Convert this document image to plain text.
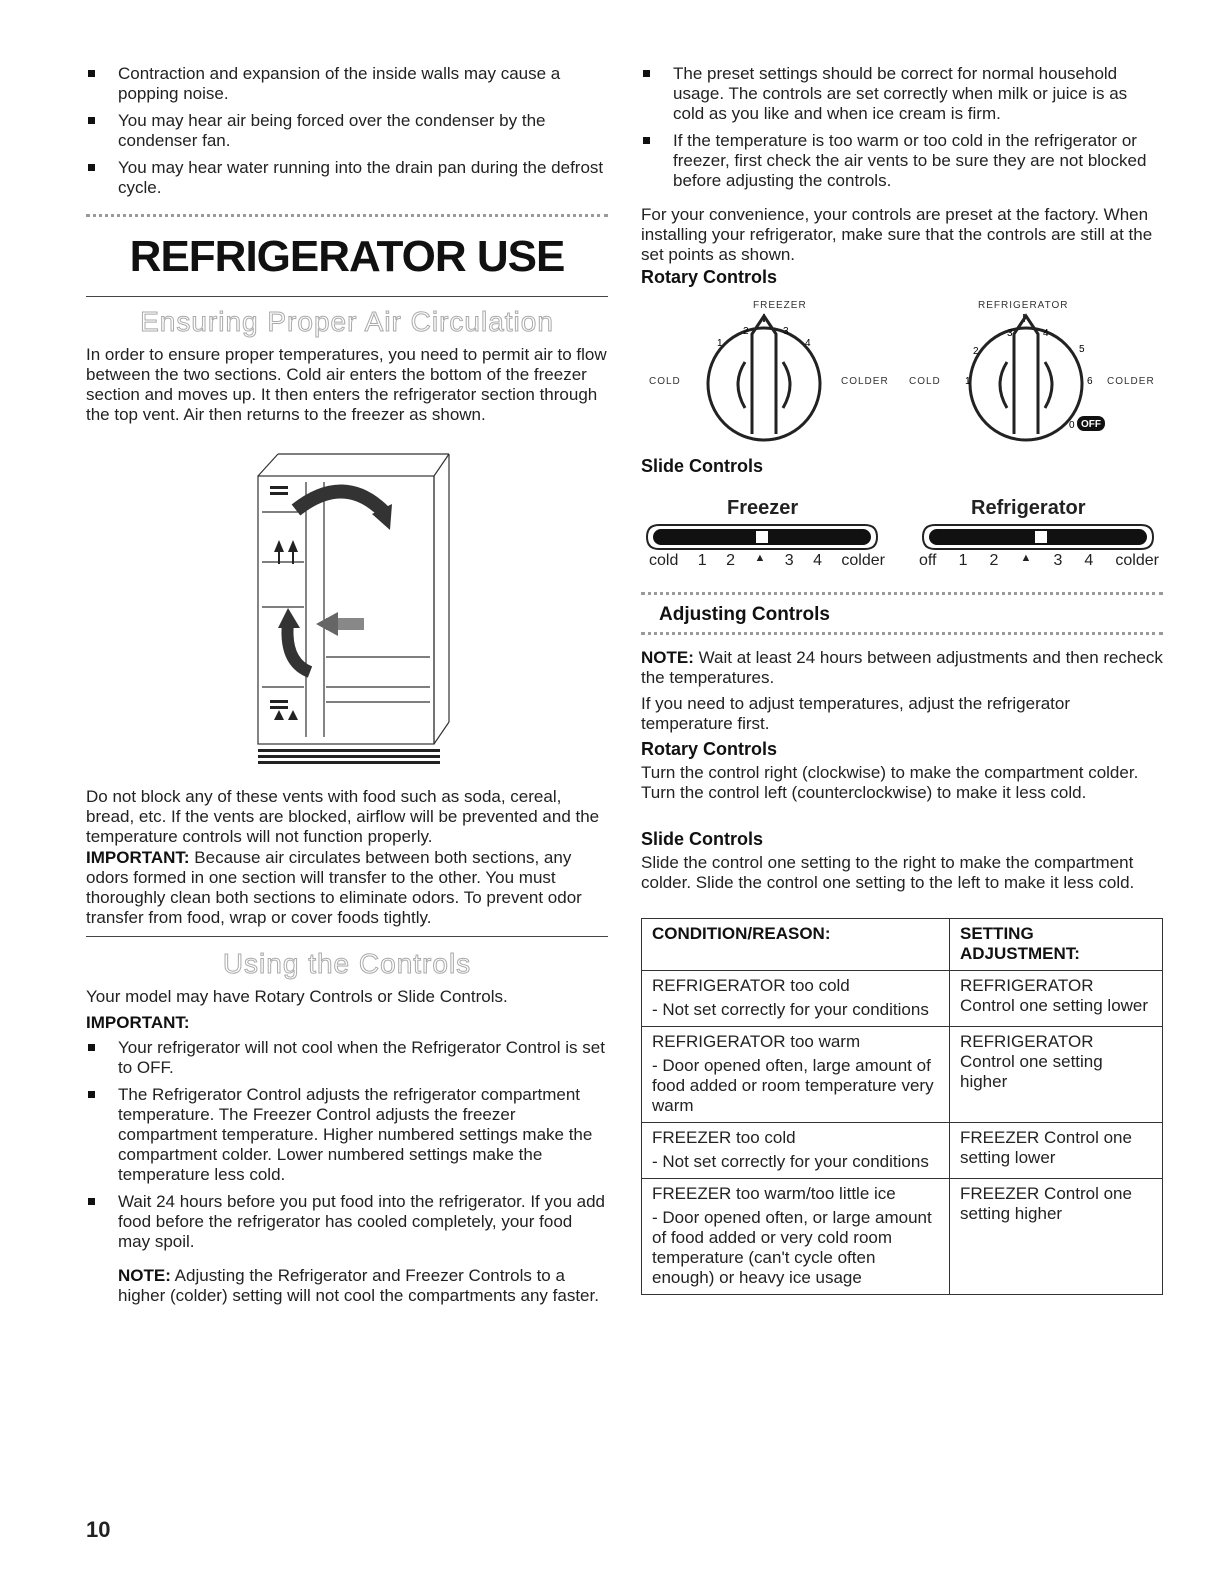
Contraction and expansion of the inside walls may cause a popping noise.
You may hear air being forced over the condenser by the condenser fan.
You may hear water running into the drain pan during the defrost cycle.
REFRIGERATOR USE
Ensuring Proper Air Circulation

In order to ensure proper temperatures, you need to permit air to flow between the two sections. Cold air enters the bottom of the freezer section and moves up. It then enters the refrigerator section through the top vent. Air then returns to the freezer as shown.

Do not block any of these vents with food such as soda, cereal, bread, etc. If the vents are blocked, airflow will be prevented and the temperature controls will not function properly.

IMPORTANT: Because air circulates between both sections, any odors formed in one section will transfer to the other. You must thoroughly clean both sections to eliminate odors. To prevent odor transfer from food, wrap or cover foods tightly.

Using the Controls

Your model may have Rotary Controls or Slide Controls.

IMPORTANT:

Your refrigerator will not cool when the Refrigerator Control is set to OFF.
The Refrigerator Control adjusts the refrigerator compartment temperature. The Freezer Control adjusts the freezer compartment temperature. Higher numbered settings make the compartment colder. Lower numbered settings make the temperature less cold.
Wait 24 hours before you put food into the refrigerator. If you add food before the refrigerator has cooled completely, your food may spoil.

NOTE: Adjusting the Refrigerator and Freezer Controls to a higher (colder) setting will not cool the compartments any faster.

The preset settings should be correct for normal household usage. The controls are set correctly when milk or juice is as cold as you like and when ice cream is firm.
If the temperature is too warm or too cold in the refrigerator or freezer, first check the air vents to be sure they are not blocked before adjusting the controls.

For your convenience, your controls are preset at the factory. When installing your refrigerator, make sure that the controls are still at the set points as shown.

Rotary Controls
FREEZER	REFRIGERATOR
COLD	COLDER COLD	COLDER
1
2	3
4
1
2
3	4
5
6
0 OFF
Slide Controls
Freezer	Refrigerator
cold 1 2 ▲ 3 4 colder off 1 2 ▲ 3 4 colder
Adjusting Controls

NOTE: Wait at least 24 hours between adjustments and then recheck the temperatures.

If you need to adjust temperatures, adjust the refrigerator temperature first.

Rotary Controls

Turn the control right (clockwise) to make the compartment colder. Turn the control left (counterclockwise) to make it less cold.

Slide Controls

Slide the control one setting to the right to make the compartment colder. Slide the control one setting to the left to make it less cold.

CONDITION/REASON:	SETTING ADJUSTMENT:

REFRIGERATOR too cold
- Not set correctly for your conditions	REFRIGERATOR Control one setting lower

REFRIGERATOR too warm
- Door opened often, large amount of food added or room temperature very warm	REFRIGERATOR Control one setting higher

FREEZER too cold
- Not set correctly for your conditions	FREEZER Control one setting lower

FREEZER too warm/too little ice
- Door opened often, or large amount of food added or very cold room temperature (can't cycle often enough) or heavy ice usage	FREEZER Control one setting higher
10
